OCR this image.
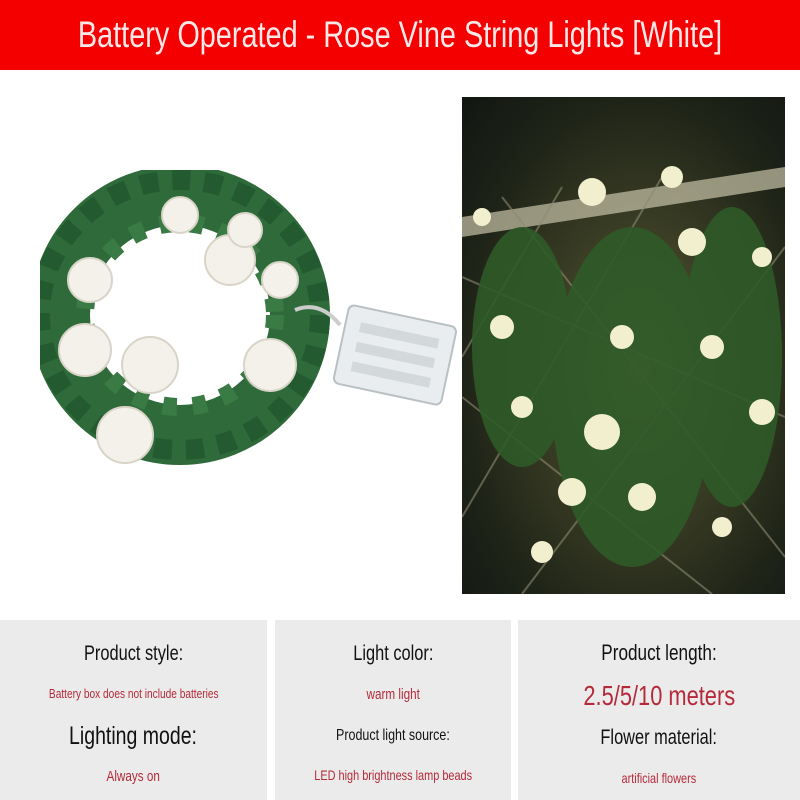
Battery Operated - Rose Vine String Lights [White]
Product style:
Battery box does not include batteries
Lighting mode:
Always on
Light color:
warm light
Product light source:
LED high brightness lamp beads
Product length:
2.5/5/10 meters
Flower material:
artificial flowers
